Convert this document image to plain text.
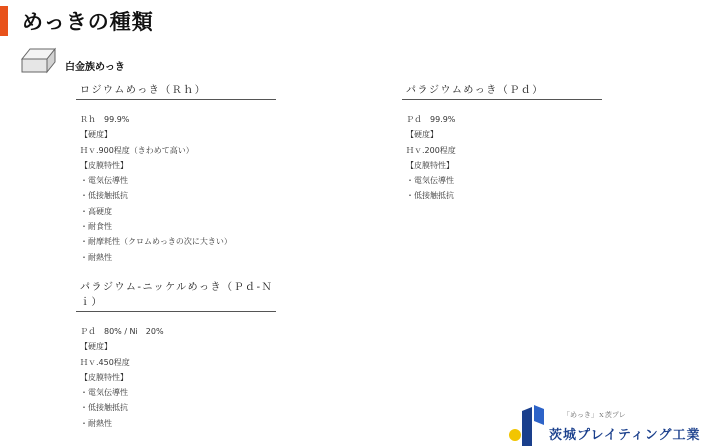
めっきの種類
白金族めっき
ロジウムめっき（Ｒｈ）
Ｒｈ　99.9%
【硬度】
Ｈｖ.900程度（きわめて高い）
【皮膜特性】
・電気伝導性
・低接触抵抗
・高硬度
・耐食性
・耐摩耗性（クロムめっきの次に大きい）
・耐熱性
パラジウムめっき（Ｐｄ）
Ｐｄ　99.9%
【硬度】
Ｈｖ.200程度
【皮膜特性】
・電気伝導性
・低接触抵抗
パラジウム-ニッケルめっき（Ｐｄ-Ｎｉ）
Ｐｄ　80% / Ni　20%
【硬度】
Ｈｖ.450程度
【皮膜特性】
・電気伝導性
・低接触抵抗
・耐熱性
「めっき」ｘ茨プレ
茨城プレイティング工業
